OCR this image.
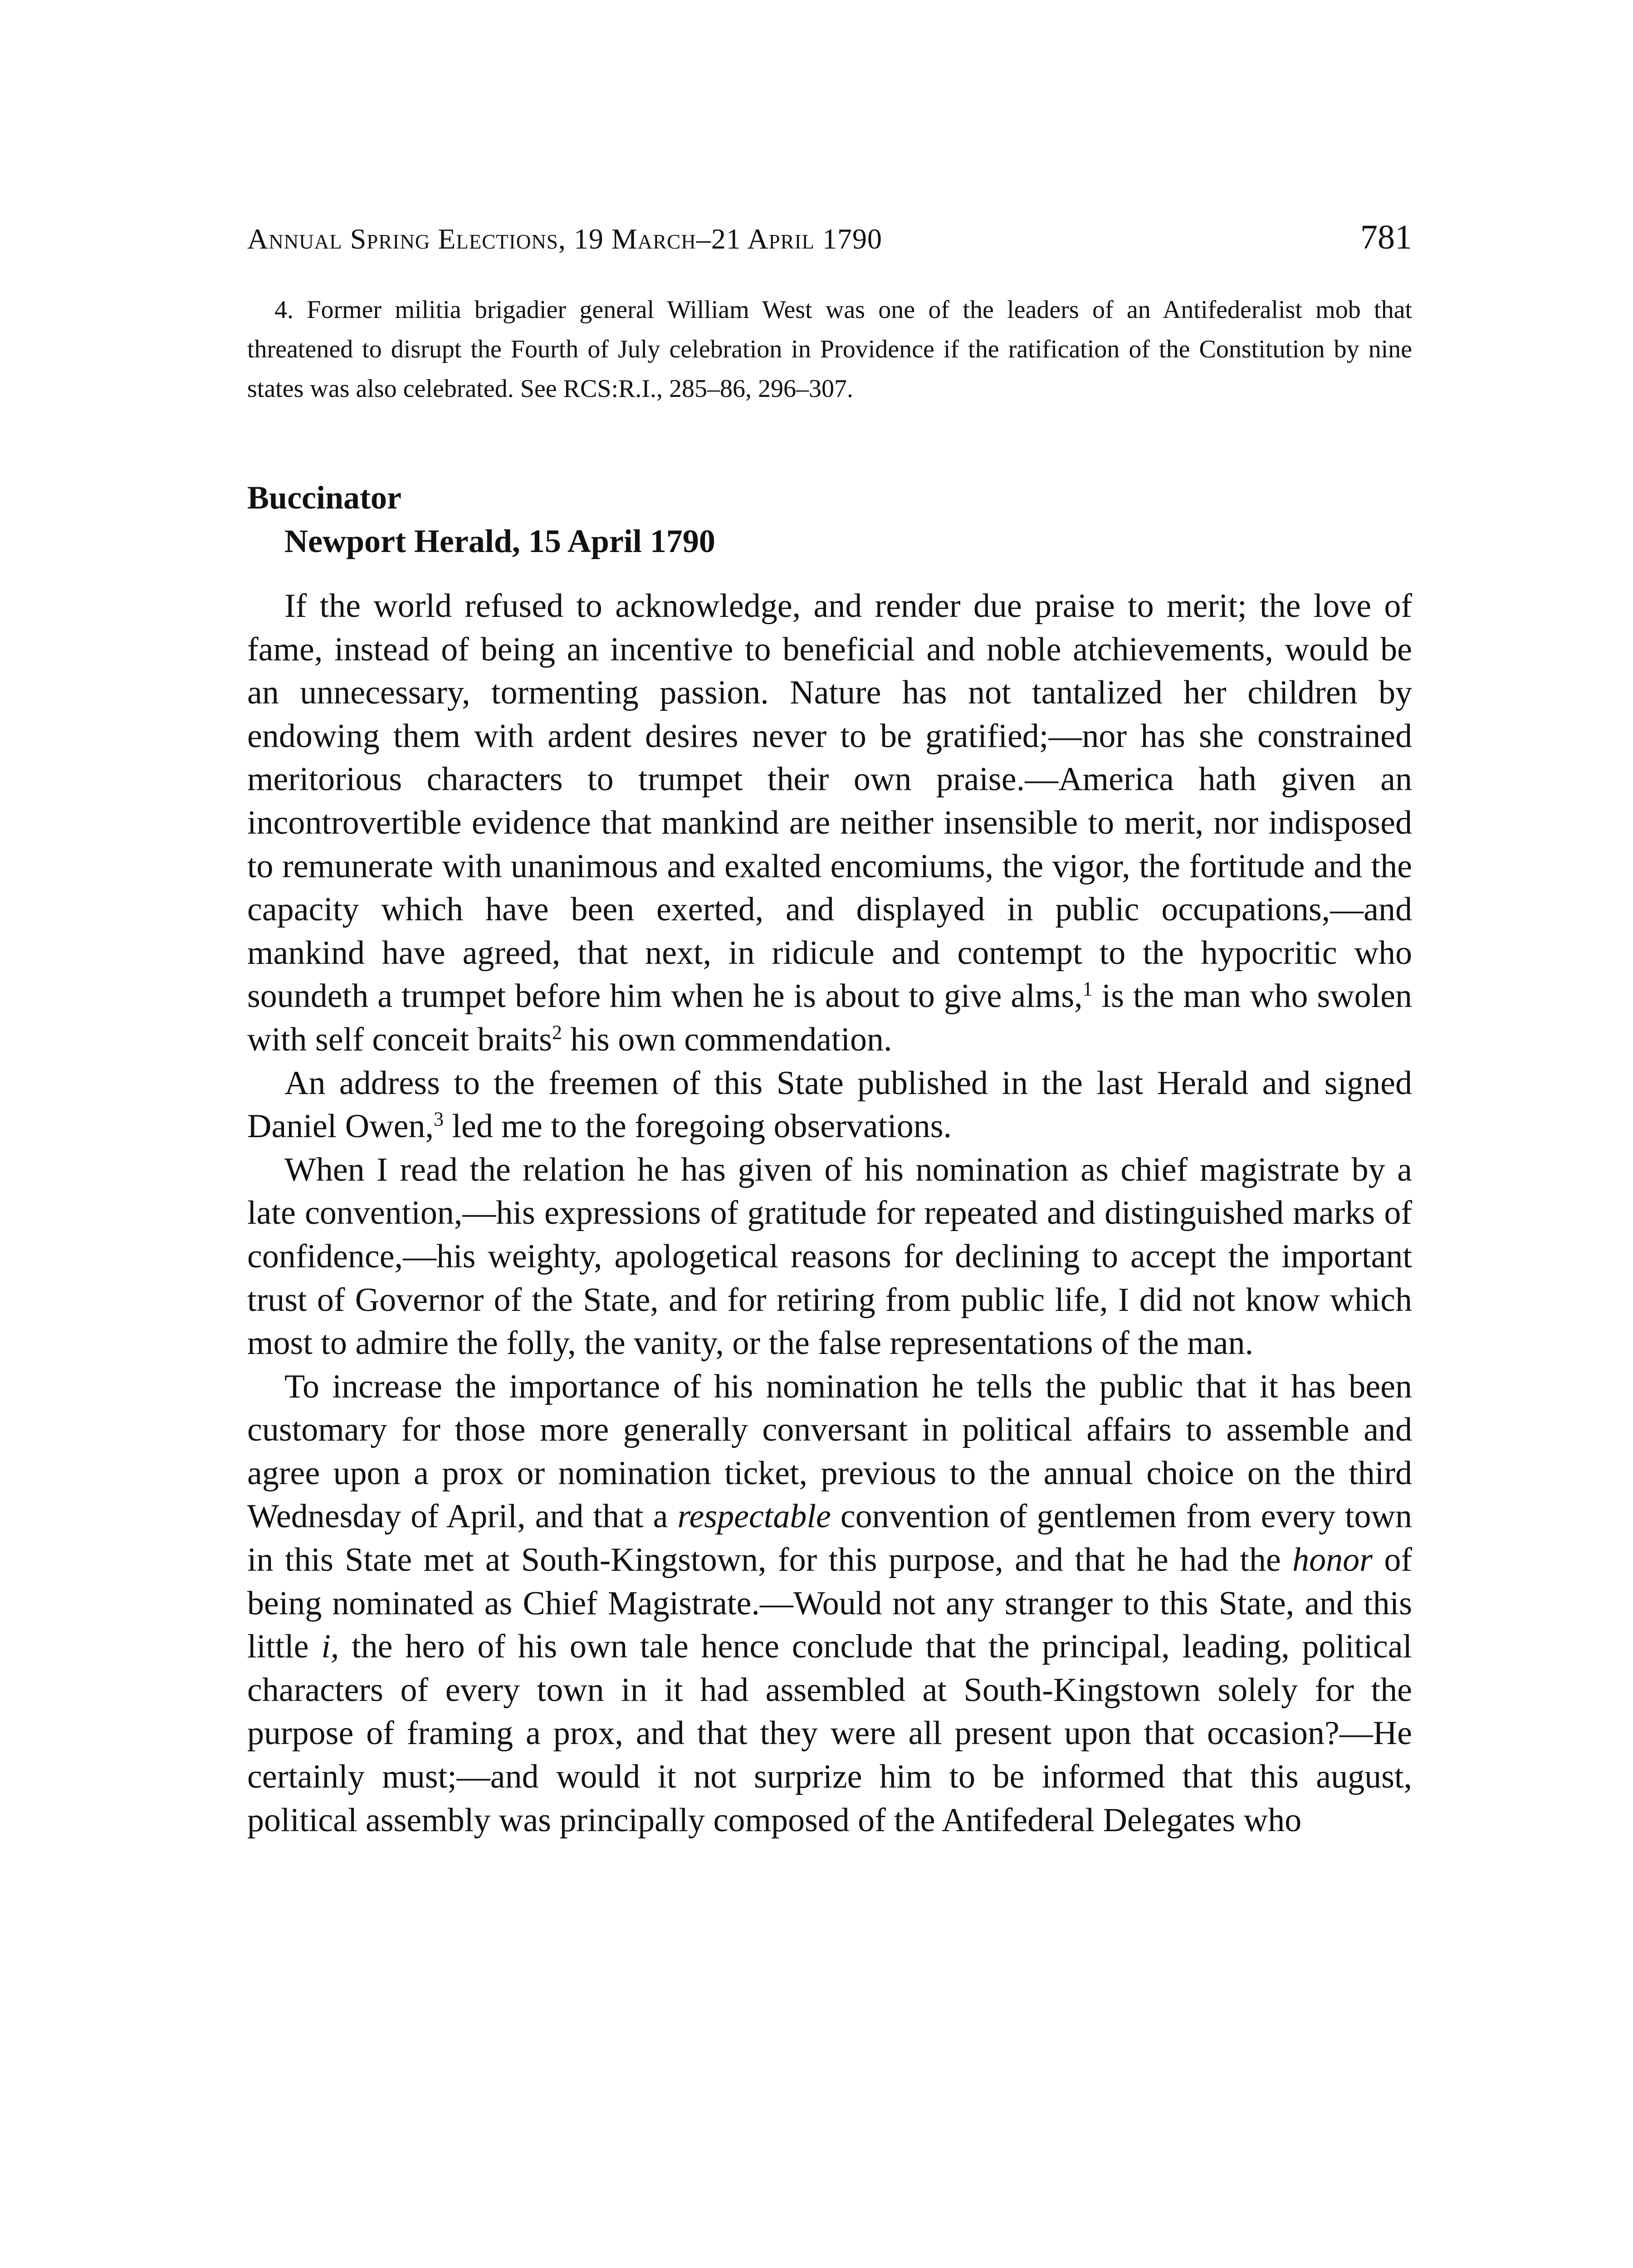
Annual Spring Elections, 19 March–21 April 1790	781

4. Former militia brigadier general William West was one of the leaders of an Antifederalist mob that threatened to disrupt the Fourth of July celebration in Providence if the ratification of the Constitution by nine states was also celebrated. See RCS:R.I., 285–86, 296–307.

Buccinator
Newport Herald, 15 April 1790

If the world refused to acknowledge, and render due praise to merit; the love of fame, instead of being an incentive to beneficial and noble atchievements, would be an unnecessary, tormenting passion. Nature has not tantalized her children by endowing them with ardent desires never to be gratified;—nor has she constrained meritorious characters to trumpet their own praise.—America hath given an incontrovertible evidence that mankind are neither insensible to merit, nor indisposed to remunerate with unanimous and exalted encomiums, the vigor, the fortitude and the capacity which have been exerted, and displayed in public occupations,—and mankind have agreed, that next, in ridicule and contempt to the hypocritic who soundeth a trumpet before him when he is about to give alms,$^1$ is the man who swolen with self conceit braits$^2$ his own commendation.

An address to the freemen of this State published in the last Herald and signed Daniel Owen,$^3$ led me to the foregoing observations.

When I read the relation he has given of his nomination as chief magistrate by a late convention,—his expressions of gratitude for repeated and distinguished marks of confidence,—his weighty, apologetical reasons for declining to accept the important trust of Governor of the State, and for retiring from public life, I did not know which most to admire the folly, the vanity, or the false representations of the man.

To increase the importance of his nomination he tells the public that it has been customary for those more generally conversant in political affairs to assemble and agree upon a prox or nomination ticket, previous to the annual choice on the third Wednesday of April, and that a respectable convention of gentlemen from every town in this State met at South-Kingstown, for this purpose, and that he had the honor of being nominated as Chief Magistrate.—Would not any stranger to this State, and this little i, the hero of his own tale hence conclude that the principal, leading, political characters of every town in it had assembled at South-Kingstown solely for the purpose of framing a prox, and that they were all present upon that occasion?—He certainly must;—and would it not surprize him to be informed that this august, political assembly was principally composed of the Antifederal Delegates who
